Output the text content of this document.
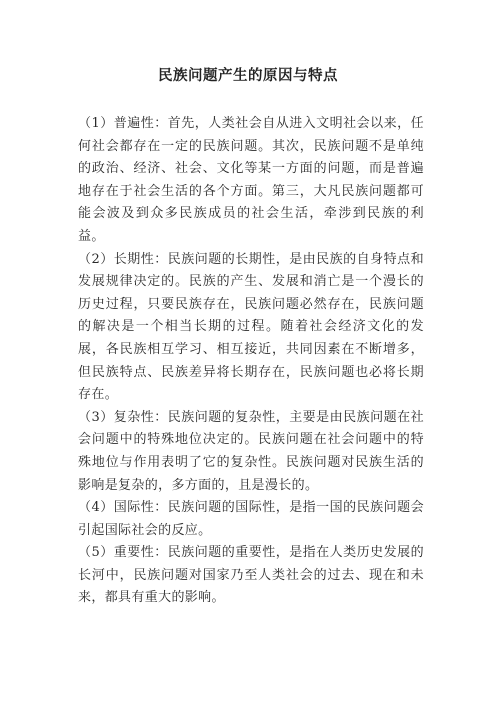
民族问题产生的原因与特点

（1）普遍性：首先，人类社会自从进入文明社会以来，任何社会都存在一定的民族问题。其次，民族问题不是单纯的政治、经济、社会、文化等某一方面的问题，而是普遍地存在于社会生活的各个方面。第三，大凡民族问题都可能会波及到众多民族成员的社会生活，牵涉到民族的利益。

（2）长期性：民族问题的长期性，是由民族的自身特点和发展规律决定的。民族的产生、发展和消亡是一个漫长的历史过程，只要民族存在，民族问题必然存在，民族问题的解决是一个相当长期的过程。随着社会经济文化的发展，各民族相互学习、相互接近，共同因素在不断增多，但民族特点、民族差异将长期存在，民族问题也必将长期存在。

（3）复杂性：民族问题的复杂性，主要是由民族问题在社会问题中的特殊地位决定的。民族问题在社会问题中的特殊地位与作用表明了它的复杂性。民族问题对民族生活的影响是复杂的，多方面的，且是漫长的。

（4）国际性：民族问题的国际性，是指一国的民族问题会引起国际社会的反应。

（5）重要性：民族问题的重要性，是指在人类历史发展的长河中，民族问题对国家乃至人类社会的过去、现在和未来，都具有重大的影响。
